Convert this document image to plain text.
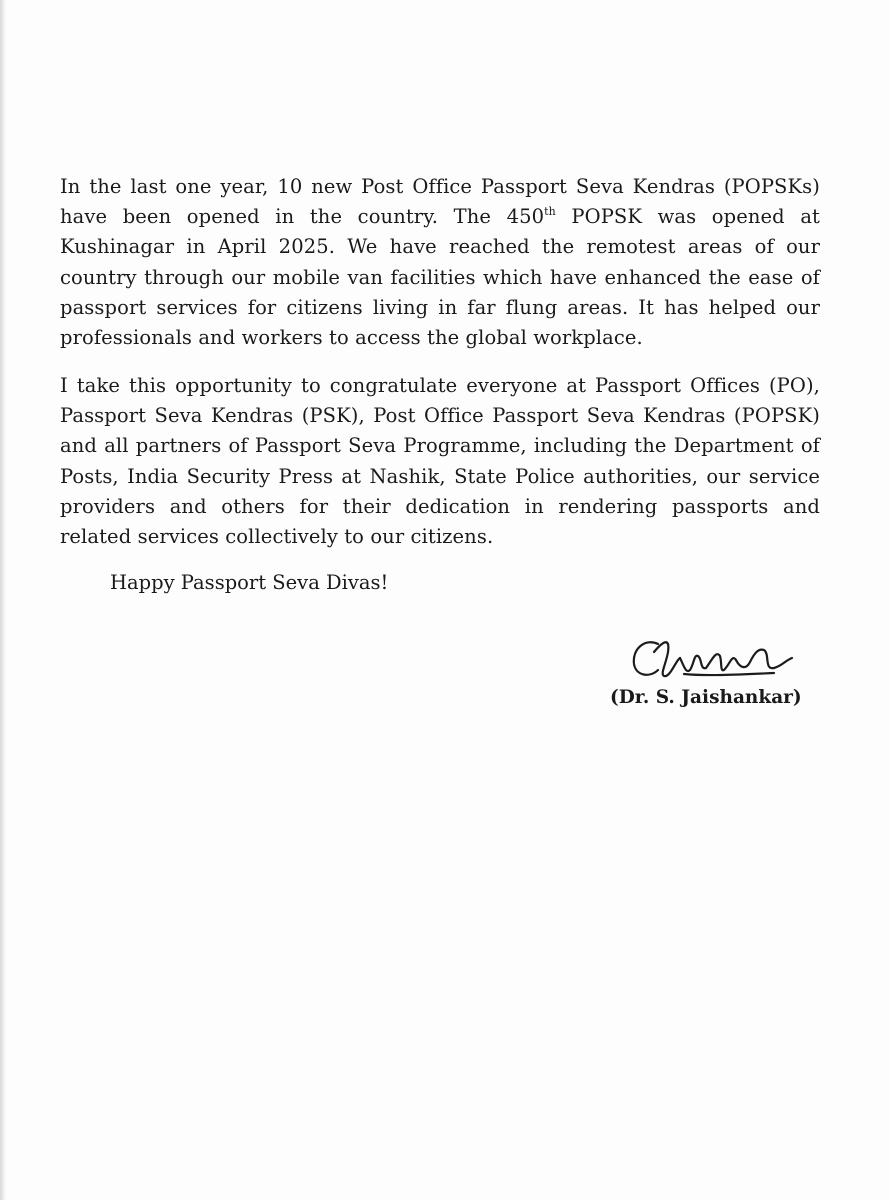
In the last one year, 10 new Post Office Passport Seva Kendras (POPSKs) have been opened in the country. The 450th POPSK was opened at Kushinagar in April 2025. We have reached the remotest areas of our country through our mobile van facilities which have enhanced the ease of passport services for citizens living in far flung areas. It has helped our professionals and workers to access the global workplace.

I take this opportunity to congratulate everyone at Passport Offices (PO), Passport Seva Kendras (PSK), Post Office Passport Seva Kendras (POPSK) and all partners of Passport Seva Programme, including the Department of Posts, India Security Press at Nashik, State Police authorities, our service providers and others for their dedication in rendering passports and related services collectively to our citizens.

Happy Passport Seva Divas!

(Dr. S. Jaishankar)
